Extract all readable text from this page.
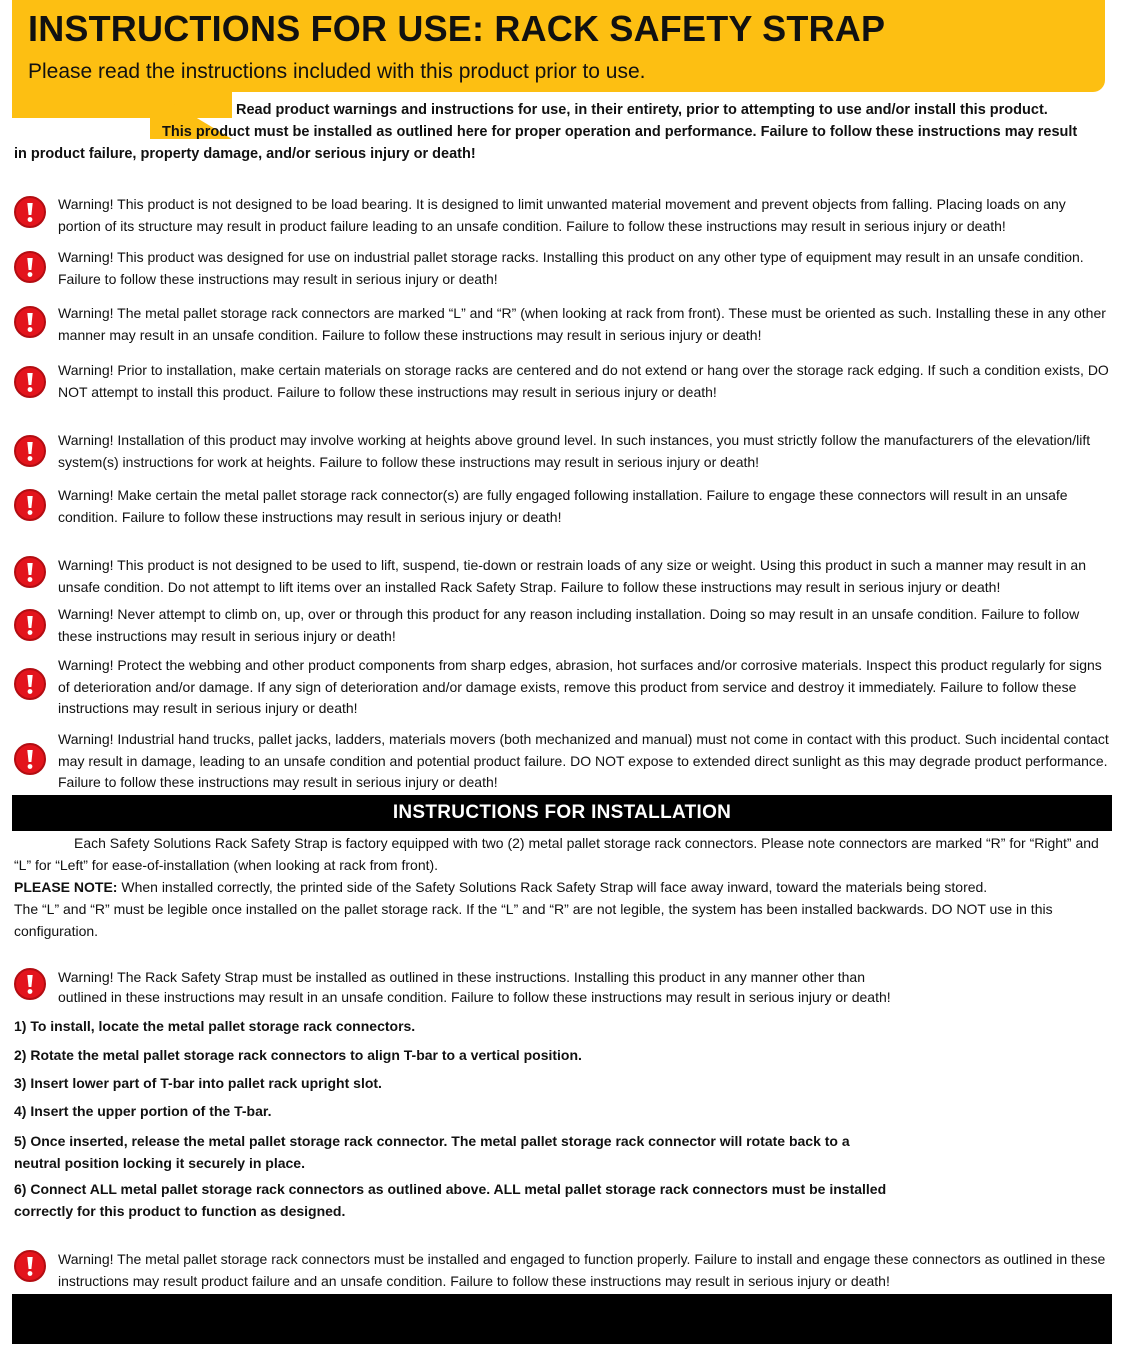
INSTRUCTIONS FOR USE: RACK SAFETY STRAP

Please read the instructions included with this product prior to use.

Read product warnings and instructions for use, in their entirety, prior to attempting to use and/or install this product.

This product must be installed as outlined here for proper operation and performance. Failure to follow these instructions may result

in product failure, property damage, and/or serious injury or death!

Warning! This product is not designed to be load bearing. It is designed to limit unwanted material movement and prevent objects from falling. Placing loads on any portion of its structure may result in product failure leading to an unsafe condition. Failure to follow these instructions may result in serious injury or death!

Warning! This product was designed for use on industrial pallet storage racks. Installing this product on any other type of equipment may result in an unsafe condition. Failure to follow these instructions may result in serious injury or death!

Warning! The metal pallet storage rack connectors are marked “L” and “R” (when looking at rack from front). These must be oriented as such. Installing these in any other manner may result in an unsafe condition. Failure to follow these instructions may result in serious injury or death!

Warning! Prior to installation, make certain materials on storage racks are centered and do not extend or hang over the storage rack edging. If such a condition exists, DO NOT attempt to install this product. Failure to follow these instructions may result in serious injury or death!

Warning! Installation of this product may involve working at heights above ground level. In such instances, you must strictly follow the manufacturers of the elevation/lift system(s) instructions for work at heights. Failure to follow these instructions may result in serious injury or death!

Warning! Make certain the metal pallet storage rack connector(s) are fully engaged following installation. Failure to engage these connectors will result in an unsafe condition. Failure to follow these instructions may result in serious injury or death!

Warning! This product is not designed to be used to lift, suspend, tie-down or restrain loads of any size or weight. Using this product in such a manner may result in an unsafe condition. Do not attempt to lift items over an installed Rack Safety Strap. Failure to follow these instructions may result in serious injury or death!

Warning! Never attempt to climb on, up, over or through this product for any reason including installation. Doing so may result in an unsafe condition. Failure to follow these instructions may result in serious injury or death!

Warning! Protect the webbing and other product components from sharp edges, abrasion, hot surfaces and/or corrosive materials. Inspect this product regularly for signs of deterioration and/or damage. If any sign of deterioration and/or damage exists, remove this product from service and destroy it immediately. Failure to follow these instructions may result in serious injury or death!

Warning! Industrial hand trucks, pallet jacks, ladders, materials movers (both mechanized and manual) must not come in contact with this product. Such incidental contact may result in damage, leading to an unsafe condition and potential product failure. DO NOT expose to extended direct sunlight as this may degrade product performance. Failure to follow these instructions may result in serious injury or death!

INSTRUCTIONS FOR INSTALLATION

Each Safety Solutions Rack Safety Strap is factory equipped with two (2) metal pallet storage rack connectors. Please note connectors are marked “R” for “Right” and “L” for “Left” for ease-of-installation (when looking at rack from front).

PLEASE NOTE: When installed correctly, the printed side of the Safety Solutions Rack Safety Strap will face away inward, toward the materials being stored.

The “L” and “R” must be legible once installed on the pallet storage rack. If the “L” and “R” are not legible, the system has been installed backwards. DO NOT use in this configuration.

Warning! The Rack Safety Strap must be installed as outlined in these instructions. Installing this product in any manner other than
outlined in these instructions may result in an unsafe condition. Failure to follow these instructions may result in serious injury or death!

1) To install, locate the metal pallet storage rack connectors.

2) Rotate the metal pallet storage rack connectors to align T-bar to a vertical position.

3) Insert lower part of T-bar into pallet rack upright slot.

4) Insert the upper portion of the T-bar.

5) Once inserted, release the metal pallet storage rack connector. The metal pallet storage rack connector will rotate back to a

neutral position locking it securely in place.

6) Connect ALL metal pallet storage rack connectors as outlined above. ALL metal pallet storage rack connectors must be installed

correctly for this product to function as designed.

Warning! The metal pallet storage rack connectors must be installed and engaged to function properly. Failure to install and engage these connectors as outlined in these instructions may result product failure and an unsafe condition. Failure to follow these instructions may result in serious injury or death!
